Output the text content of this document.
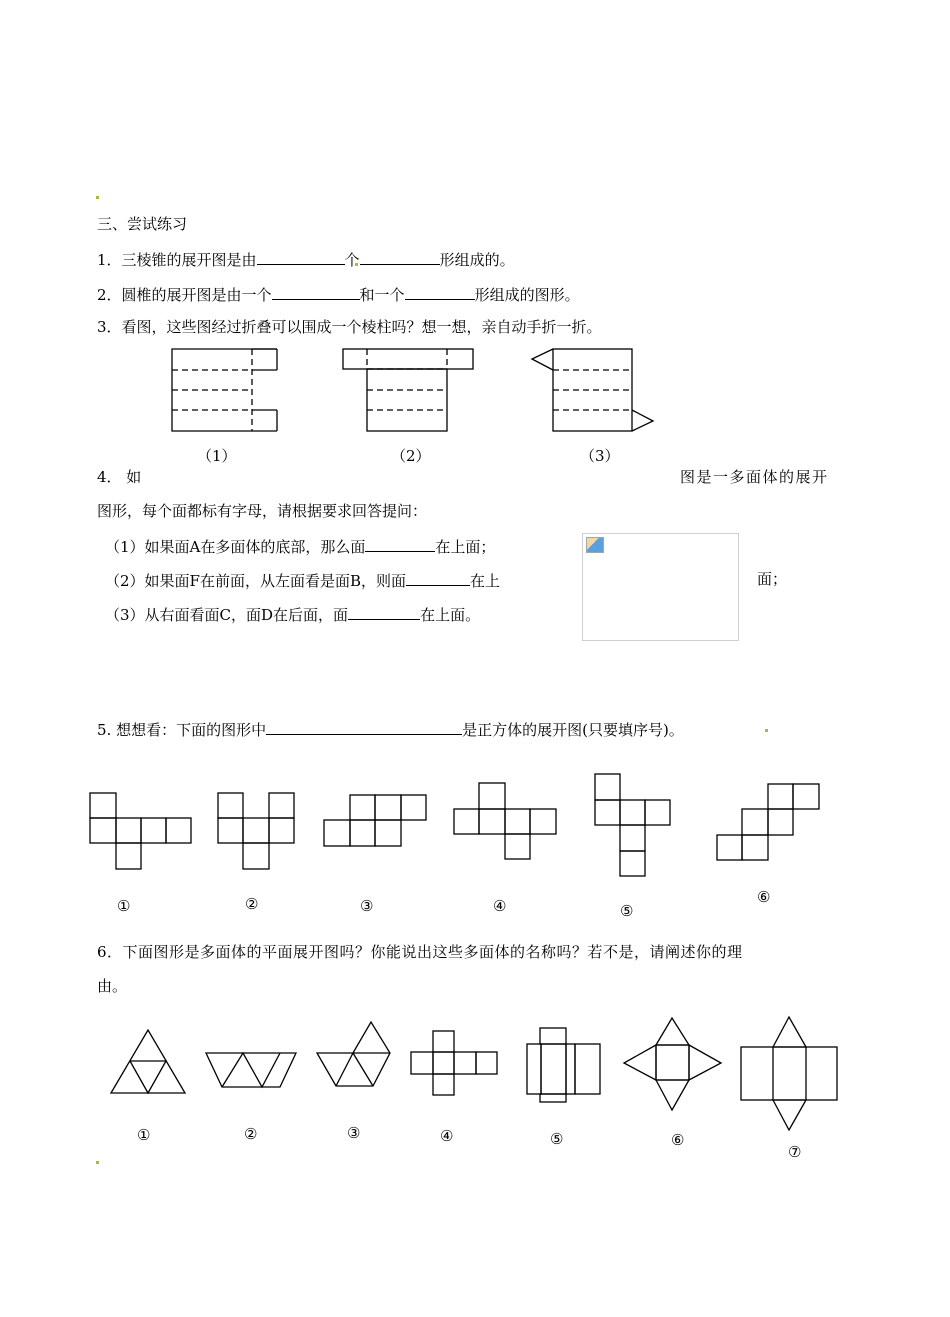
三、尝试练习
1．三棱锥的展开图是由	个	形组成的。
2．圆椎的展开图是由一个	和一个	形组成的图形。
3．看图，这些图经过折叠可以围成一个棱柱吗？想一想，亲自动手折一折。
（1）	（2）	（3）
4． 如	图是一多面体的展开
图形，每个面都标有字母，请根据要求回答提问：
（1）如果面A在多面体的底部，那么面	在上面；
（2）如果面F在前面，从左面看是面B，则面	在上	面；
（3）从右面看面C，面D在后面，面	在上面。
5. 想想看：下面的图形中	是正方体的展开图(只要填序号)。
①	②	③	④	⑤
⑥
6．下面图形是多面体的平面展开图吗？你能说出这些多面体的名称吗？若不是，请阐述你的理
由。
①	②	③	④	⑤	⑥
⑦
